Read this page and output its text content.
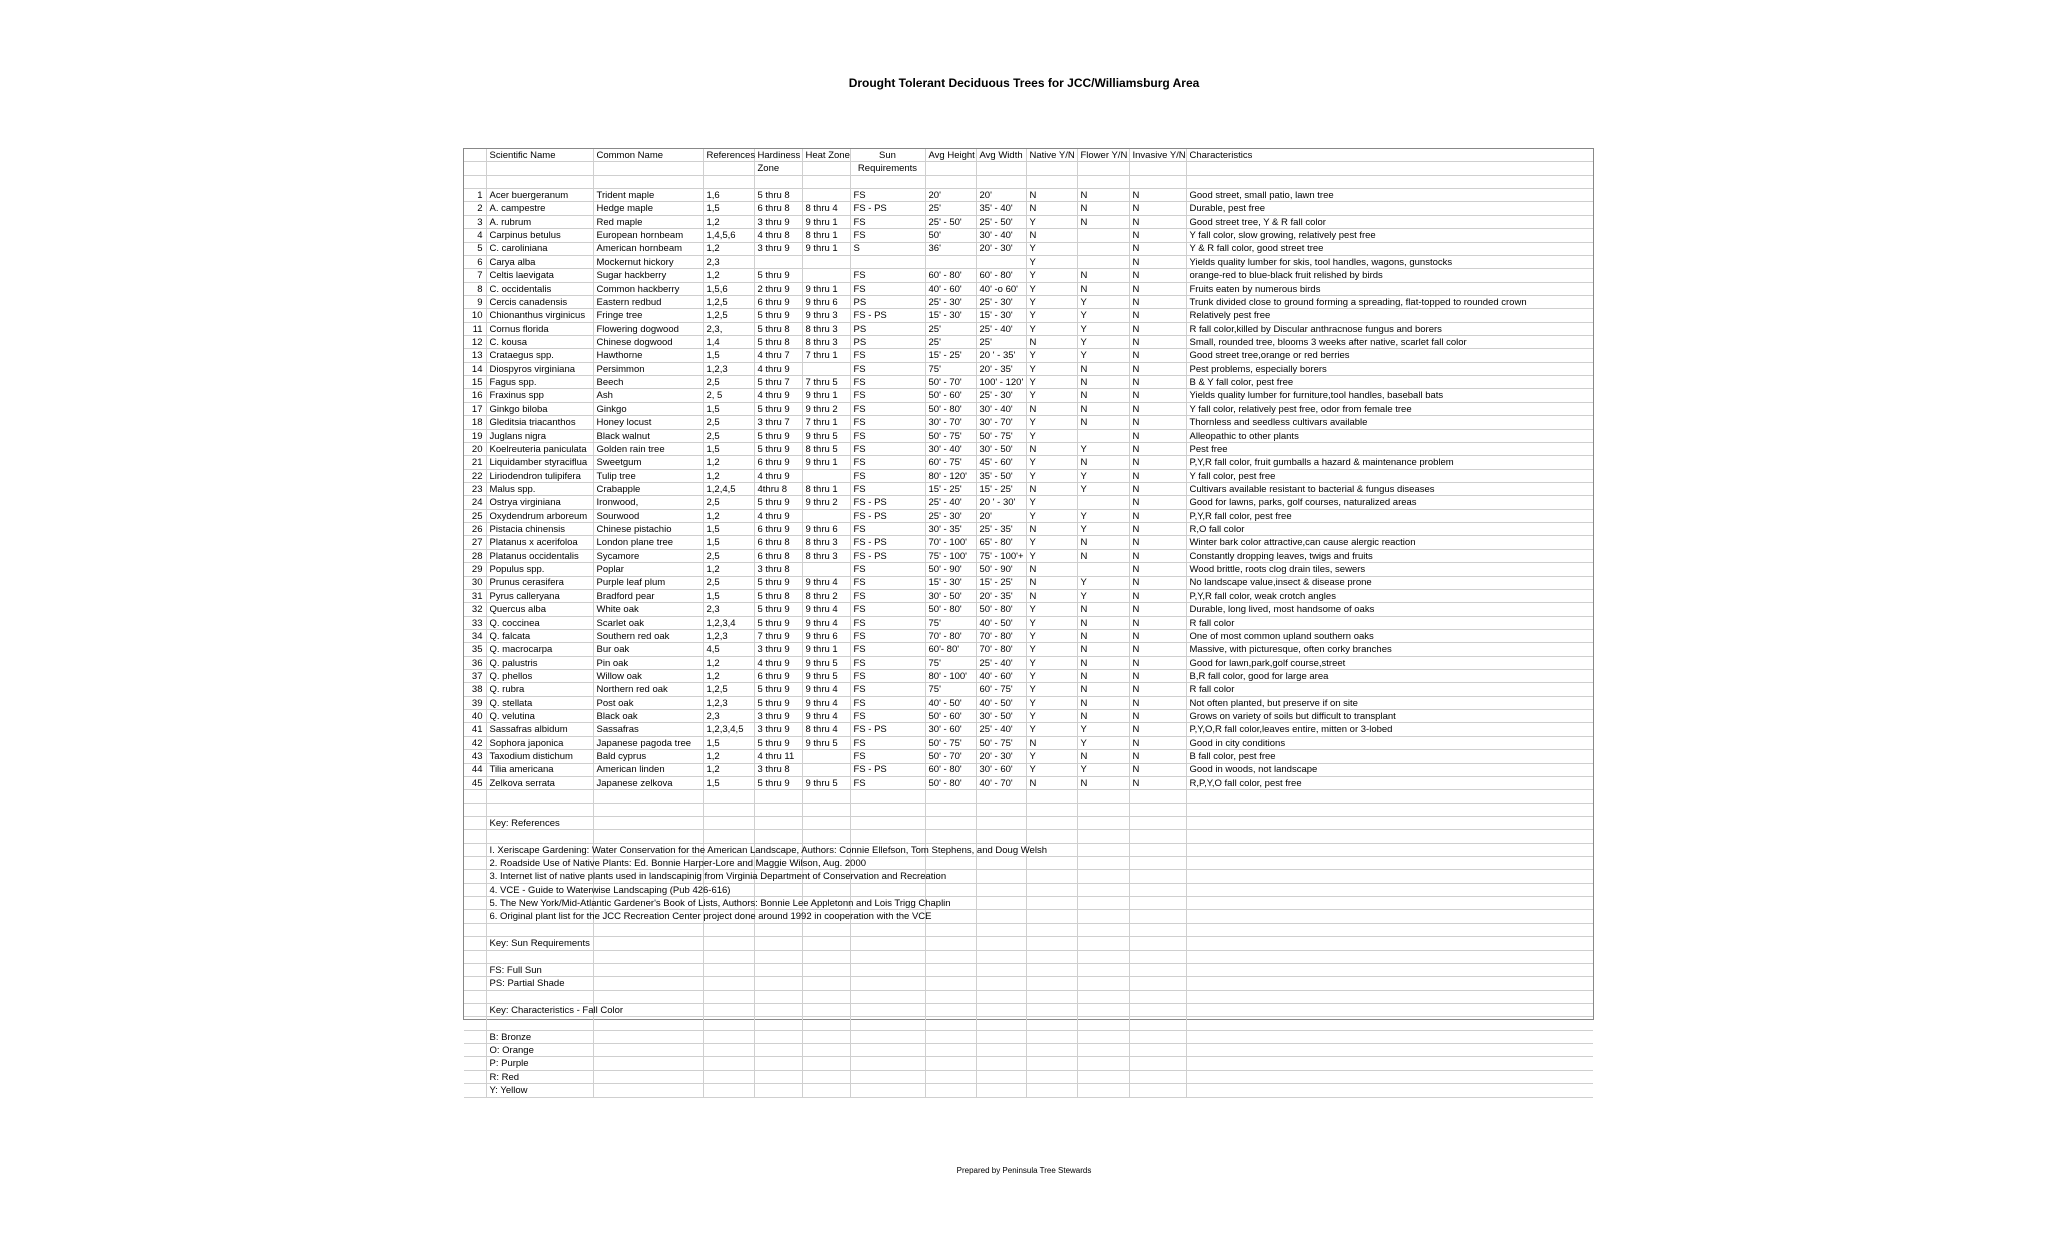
Drought Tolerant Deciduous Trees for JCC/Williamsburg Area
	Scientific Name	Common Name	References	Hardiness	Heat Zone	Sun	Avg Height	Avg Width	Native Y/N	Flower Y/N	Invasive Y/N	Characteristics
				Zone		Requirements						

1	Acer buergeranum	Trident maple	1,6	5 thru 8		FS	20'	20'	N	N	N	Good street, small patio, lawn tree
2	A. campestre	Hedge maple	1,5	6 thru 8	8 thru 4	FS - PS	25'	35' - 40'	N	N	N	Durable, pest free
3	A. rubrum	Red maple	1,2	3 thru 9	9 thru 1	FS	25' - 50'	25' - 50'	Y	N	N	Good street tree, Y & R fall color
4	Carpinus betulus	European hornbeam	1,4,5,6	4 thru 8	8 thru 1	FS	50'	30' - 40'	N		N	Y fall color, slow growing, relatively pest free
5	C. caroliniana	American hornbeam	1,2	3 thru 9	9 thru 1	S	36'	20' - 30'	Y		N	Y & R fall color, good street tree
6	Carya alba	Mockernut hickory	2,3						Y		N	Yields quality lumber for skis, tool handles, wagons, gunstocks
7	Celtis laevigata	Sugar hackberry	1,2	5 thru 9		FS	60' - 80'	60' - 80'	Y	N	N	orange-red to blue-black fruit relished by birds
8	C. occidentalis	Common hackberry	1,5,6	2 thru 9	9 thru 1	FS	40' - 60'	40' -o 60'	Y	N	N	Fruits eaten by numerous birds
9	Cercis canadensis	Eastern redbud	1,2,5	6 thru 9	9 thru 6	PS	25' - 30'	25' - 30'	Y	Y	N	Trunk divided close to ground forming a spreading, flat-topped to rounded crown
10	Chionanthus virginicus	Fringe tree	1,2,5	5 thru 9	9 thru 3	FS - PS	15' - 30'	15' - 30'	Y	Y	N	Relatively pest free
11	Cornus florida	Flowering dogwood	2,3,	5 thru 8	8 thru 3	PS	25'	25' - 40'	Y	Y	N	R fall color,killed by Discular anthracnose fungus and borers
12	C. kousa	Chinese dogwood	1,4	5 thru 8	8 thru 3	PS	25'	25'	N	Y	N	Small, rounded tree, blooms 3 weeks after native, scarlet fall color
13	Crataegus spp.	Hawthorne	1,5	4 thru 7	7 thru 1	FS	15' - 25'	20 ' - 35'	Y	Y	N	Good street tree,orange or red berries
14	Diospyros virginiana	Persimmon	1,2,3	4 thru 9		FS	75'	20' - 35'	Y	N	N	Pest problems, especially borers
15	Fagus spp.	Beech	2,5	5 thru 7	7 thru 5	FS	50' - 70'	100' - 120'	Y	N	N	B & Y fall color, pest free
16	Fraxinus spp	Ash	2, 5	4 thru 9	9 thru 1	FS	50' - 60'	25' - 30'	Y	N	N	Yields quality lumber for furniture,tool handles, baseball bats
17	Ginkgo biloba	Ginkgo	1,5	5 thru 9	9 thru 2	FS	50' - 80'	30' - 40'	N	N	N	Y fall color, relatively pest free, odor from female tree
18	Gleditsia triacanthos	Honey locust	2,5	3 thru 7	7 thru 1	FS	30' - 70'	30' - 70'	Y	N	N	Thornless and seedless cultivars available
19	Juglans nigra	Black walnut	2,5	5 thru 9	9 thru 5	FS	50' - 75'	50' - 75'	Y		N	Alleopathic to other plants
20	Koelreuteria paniculata	Golden rain tree	1,5	5 thru 9	8 thru 5	FS	30' - 40'	30' - 50'	N	Y	N	Pest free
21	Liquidamber styraciflua	Sweetgum	1,2	6 thru 9	9 thru 1	FS	60' - 75'	45' - 60'	Y	N	N	P,Y,R fall color, fruit gumballs a hazard & maintenance problem
22	Liriodendron tulipifera	Tulip tree	1,2	4 thru 9		FS	80' - 120'	35' - 50'	Y	Y	N	Y fall color, pest free
23	Malus spp.	Crabapple	1,2,4,5	4thru 8	8 thru 1	FS	15' - 25'	15' - 25'	N	Y	N	Cultivars available resistant to bacterial & fungus diseases
24	Ostrya virginiana	Ironwood,	2,5	5 thru 9	9 thru 2	FS - PS	25' - 40'	20 ' - 30'	Y		N	Good for lawns, parks, golf courses, naturalized areas
25	Oxydendrum arboreum	Sourwood	1,2	4 thru 9		FS - PS	25' - 30'	20'	Y	Y	N	P,Y,R fall color, pest free
26	Pistacia chinensis	Chinese pistachio	1,5	6 thru 9	9 thru 6	FS	30' - 35'	25' - 35'	N	Y	N	R,O fall color
27	Platanus x acerifoloa	London plane tree	1,5	6 thru 8	8 thru 3	FS - PS	70' - 100'	65' - 80'	Y	N	N	Winter bark color attractive,can cause alergic reaction
28	Platanus occidentalis	Sycamore	2,5	6 thru 8	8 thru 3	FS - PS	75' - 100'	75' - 100'+	Y	N	N	Constantly dropping leaves, twigs and fruits
29	Populus spp.	Poplar	1,2	3 thru 8		FS	50' - 90'	50' - 90'	N		N	Wood brittle, roots clog drain tiles, sewers
30	Prunus cerasifera	Purple leaf plum	2,5	5 thru 9	9 thru 4	FS	15' - 30'	15' - 25'	N	Y	N	No landscape value,insect & disease prone
31	Pyrus calleryana	Bradford pear	1,5	5 thru 8	8 thru 2	FS	30' - 50'	20' - 35'	N	Y	N	P,Y,R fall color, weak crotch angles
32	Quercus alba	White oak	2,3	5 thru 9	9 thru 4	FS	50' - 80'	50' - 80'	Y	N	N	Durable, long lived, most handsome of oaks
33	Q. coccinea	Scarlet oak	1,2,3,4	5 thru 9	9 thru 4	FS	75'	40' - 50'	Y	N	N	R fall color
34	Q. falcata	Southern red oak	1,2,3	7 thru 9	9 thru 6	FS	70' - 80'	70' - 80'	Y	N	N	One of most common upland southern oaks
35	Q. macrocarpa	Bur oak	4,5	3 thru 9	9 thru 1	FS	60'- 80'	70' - 80'	Y	N	N	Massive, with picturesque, often corky branches
36	Q. palustris	Pin oak	1,2	4 thru 9	9 thru 5	FS	75'	25' - 40'	Y	N	N	Good for lawn,park,golf course,street
37	Q. phellos	Willow oak	1,2	6 thru 9	9 thru 5	FS	80' - 100'	40' - 60'	Y	N	N	B,R fall color, good for large area
38	Q. rubra	Northern red oak	1,2,5	5 thru 9	9 thru 4	FS	75'	60' - 75'	Y	N	N	R fall color
39	Q. stellata	Post oak	1,2,3	5 thru 9	9 thru 4	FS	40' - 50'	40' - 50'	Y	N	N	Not often planted, but preserve if on site
40	Q. velutina	Black oak	2,3	3 thru 9	9 thru 4	FS	50' - 60'	30' - 50'	Y	N	N	Grows on variety of soils but difficult to transplant
41	Sassafras albidum	Sassafras	1,2,3,4,5	3 thru 9	8 thru 4	FS - PS	30' - 60'	25' - 40'	Y	Y	N	P,Y,O,R fall color,leaves entire, mitten or 3-lobed
42	Sophora japonica	Japanese pagoda tree	1,5	5 thru 9	9 thru 5	FS	50' - 75'	50' - 75'	N	Y	N	Good in city conditions
43	Taxodium distichum	Bald cyprus	1,2	4 thru 11		FS	50' - 70'	20' - 30'	Y	N	N	B fall color, pest free
44	Tilia americana	American linden	1,2	3 thru 8		FS - PS	60' - 80'	30' - 60'	Y	Y	N	Good in woods, not landscape
45	Zelkova serrata	Japanese zelkova	1,5	5 thru 9	9 thru 5	FS	50' - 80'	40' - 70'	N	N	N	R,P,Y,O fall color, pest free

	Key: References											

	I. Xeriscape Gardening: Water Conservation for the American Landscape, Authors: Connie Ellefson, Tom Stephens, and Doug Welsh											
	2. Roadside Use of Native Plants: Ed. Bonnie Harper-Lore and Maggie Wilson, Aug. 2000											
	3. Internet list of native plants used in landscapinig from Virginia Department of Conservation and Recreation											
	4. VCE - Guide to Waterwise Landscaping (Pub 426-616)											
	5. The New York/Mid-Atlantic Gardener's Book of Lists, Authors: Bonnie Lee Appletonn and Lois Trigg Chaplin											
	6. Original plant list for the JCC Recreation Center project done around 1992 in cooperation with the VCE											

	Key: Sun Requirements											

	FS: Full Sun											
	PS: Partial Shade											

	Key: Characteristics - Fall Color											

	B: Bronze											
	O: Orange											
	P: Purple											
	R: Red											
	Y: Yellow											
Prepared by Peninsula Tree Stewards
